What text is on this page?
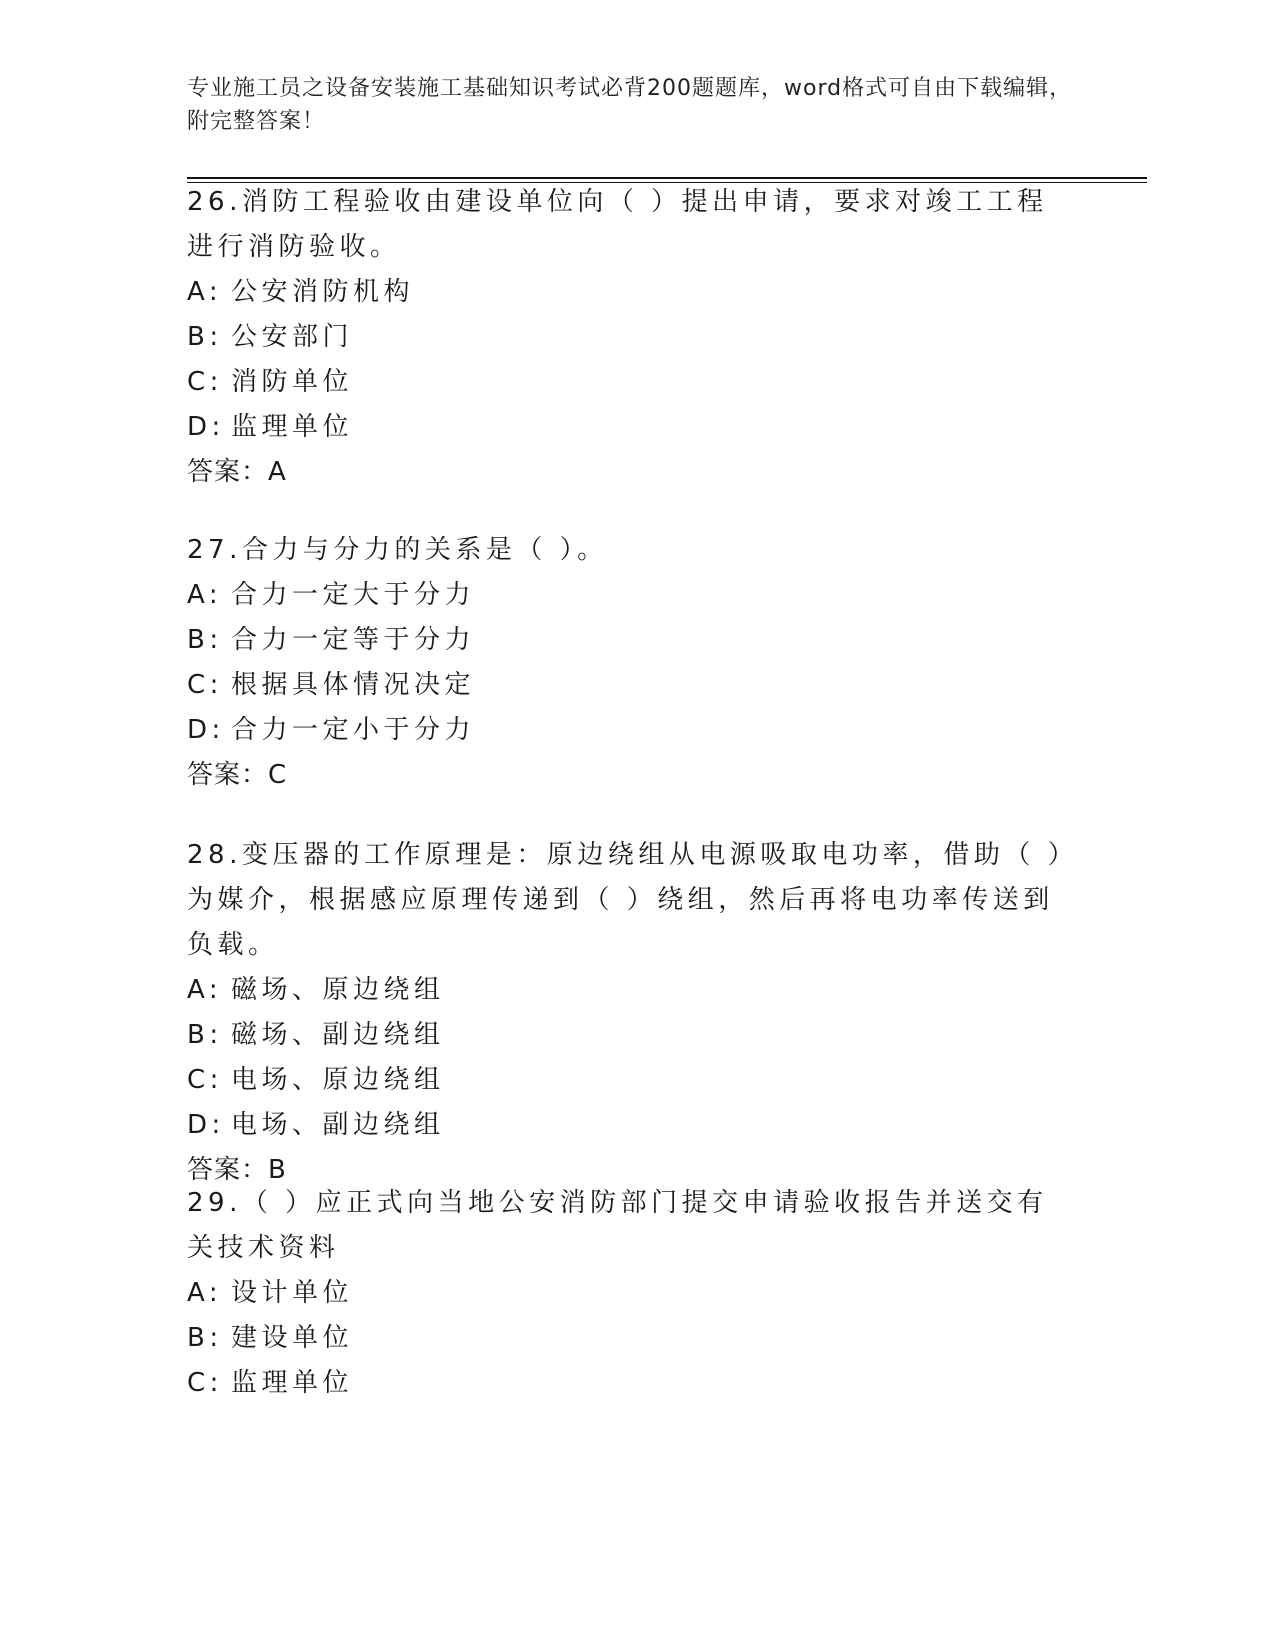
专业施工员之设备安装施工基础知识考试必背200题题库，word格式可自由下载编辑，附完整答案！

26.消防工程验收由建设单位向（ ）提出申请，要求对竣工工程进行消防验收。

A: 公安消防机构

B: 公安部门

C: 消防单位

D: 监理单位

答案：A

27.合力与分力的关系是（ ）。

A: 合力一定大于分力

B: 合力一定等于分力

C: 根据具体情况决定

D: 合力一定小于分力

答案：C

28.变压器的工作原理是：原边绕组从电源吸取电功率，借助（ ）为媒介，根据感应原理传递到（ ）绕组，然后再将电功率传送到负载。

A: 磁场、原边绕组

B: 磁场、副边绕组

C: 电场、原边绕组

D: 电场、副边绕组

答案：B

29.（ ）应正式向当地公安消防部门提交申请验收报告并送交有关技术资料

A: 设计单位

B: 建设单位

C: 监理单位
